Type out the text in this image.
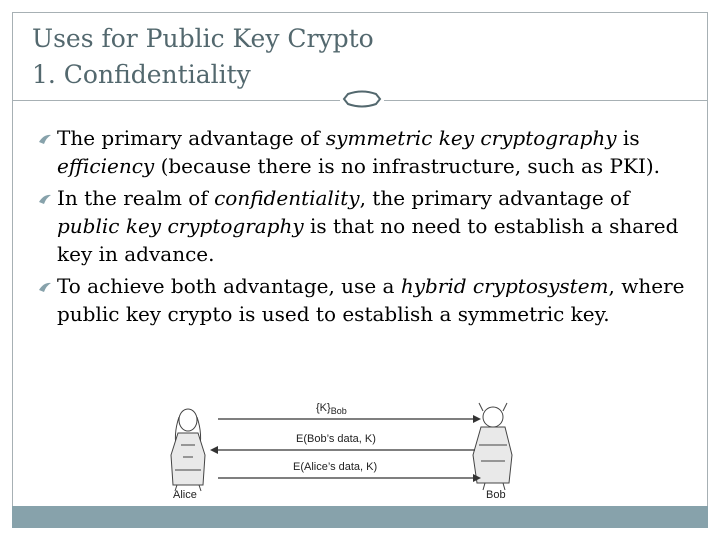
Uses for Public Key Crypto
1. Confidentiality
The primary advantage of symmetric key cryptography is efficiency (because there is no infrastructure, such as PKI).
In the realm of confidentiality, the primary advantage of public key cryptography is that no need to establish a shared key in advance.
To achieve both advantage, use a hybrid cryptosystem, where public key crypto is used to establish a symmetric key.
Alice	Bob
$\{K\}_{Bob}$
E(Bob’s data, K)
E(Alice’s data, K)
